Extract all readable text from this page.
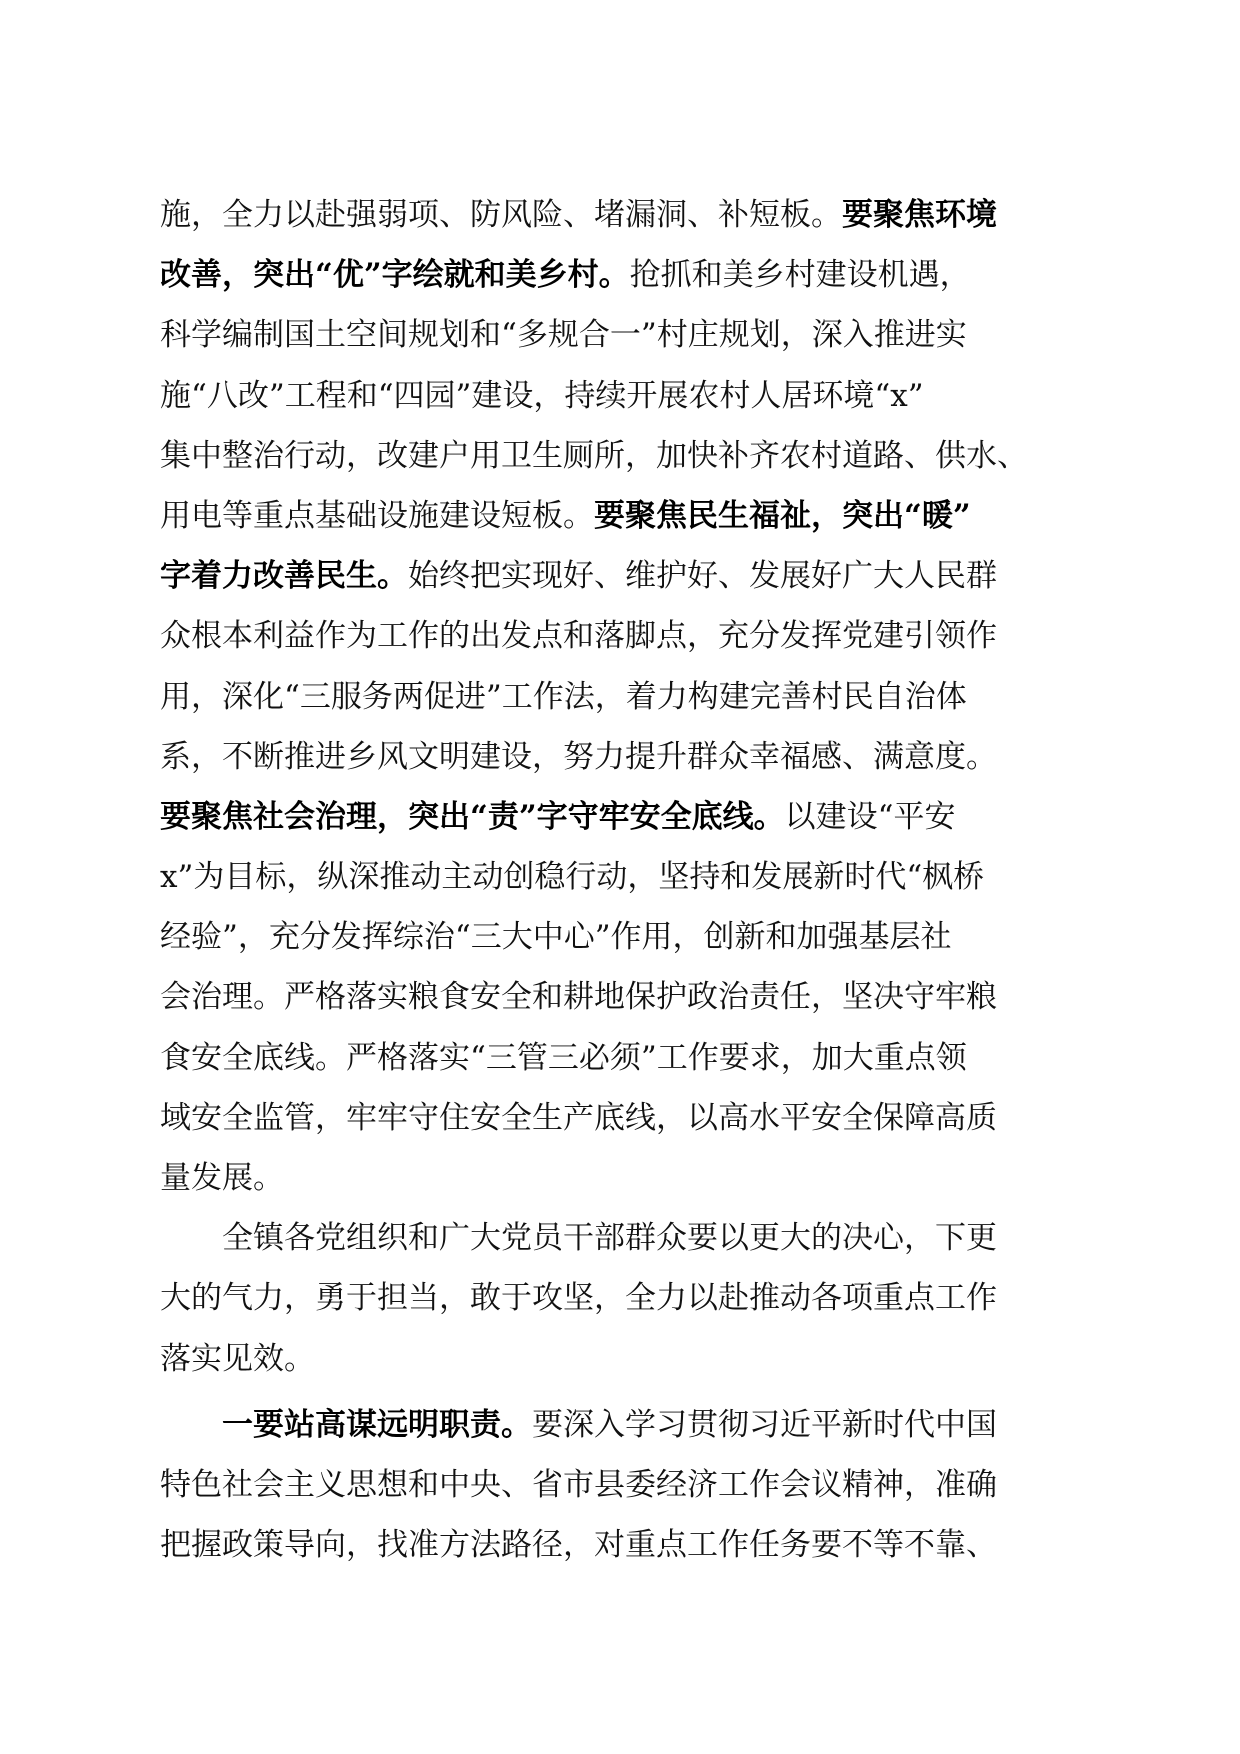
施，全力以赴强弱项、防风险、堵漏洞、补短板。要聚焦环境
改善，突出“优”字绘就和美乡村。抢抓和美乡村建设机遇，
科学编制国土空间规划和“多规合一”村庄规划，深入推进实
施“八改”工程和“四园”建设，持续开展农村人居环境“x”
集中整治行动，改建户用卫生厕所，加快补齐农村道路、供水、
用电等重点基础设施建设短板。要聚焦民生福祉，突出“暖”
字着力改善民生。始终把实现好、维护好、发展好广大人民群
众根本利益作为工作的出发点和落脚点，充分发挥党建引领作
用，深化“三服务两促进”工作法，着力构建完善村民自治体
系，不断推进乡风文明建设，努力提升群众幸福感、满意度。
要聚焦社会治理，突出“责”字守牢安全底线。以建设“平安
x”为目标，纵深推动主动创稳行动，坚持和发展新时代“枫桥
经验”，充分发挥综治“三大中心”作用，创新和加强基层社
会治理。严格落实粮食安全和耕地保护政治责任，坚决守牢粮
食安全底线。严格落实“三管三必须”工作要求，加大重点领
域安全监管，牢牢守住安全生产底线，以高水平安全保障高质
量发展。
全镇各党组织和广大党员干部群众要以更大的决心，下更
大的气力，勇于担当，敢于攻坚，全力以赴推动各项重点工作
落实见效。
一要站高谋远明职责。要深入学习贯彻习近平新时代中国
特色社会主义思想和中央、省市县委经济工作会议精神，准确
把握政策导向，找准方法路径，对重点工作任务要不等不靠、
